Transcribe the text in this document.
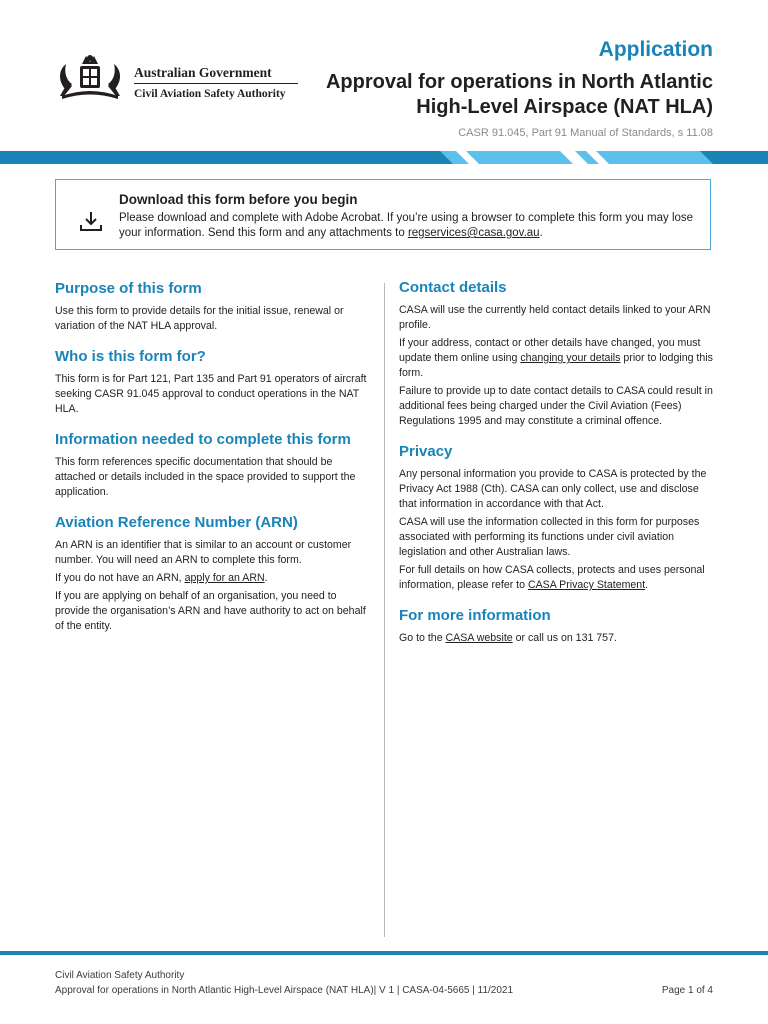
Australian Government
Civil Aviation Safety Authority
Application
Approval for operations in North Atlantic High-Level Airspace (NAT HLA)
CASR 91.045, Part 91 Manual of Standards, s 11.08
Download this form before you begin
Please download and complete with Adobe Acrobat. If you’re using a browser to complete this form you may lose your information. Send this form and any attachments to regservices@casa.gov.au.
Purpose of this form

Use this form to provide details for the initial issue, renewal or variation of the NAT HLA approval.

Who is this form for?

This form is for Part 121, Part 135 and Part 91 operators of aircraft seeking CASR 91.045 approval to conduct operations in the NAT HLA.

Information needed to complete this form

This form references specific documentation that should be attached or details included in the space provided to support the application.

Aviation Reference Number (ARN)

An ARN is an identifier that is similar to an account or customer number. You will need an ARN to complete this form.

If you do not have an ARN, apply for an ARN.

If you are applying on behalf of an organisation, you need to provide the organisation’s ARN and have authority to act on behalf of the entity.

Contact details

CASA will use the currently held contact details linked to your ARN profile.

If your address, contact or other details have changed, you must update them online using changing your details prior to lodging this form.

Failure to provide up to date contact details to CASA could result in additional fees being charged under the Civil Aviation (Fees) Regulations 1995 and may constitute a criminal offence.

Privacy

Any personal information you provide to CASA is protected by the Privacy Act 1988 (Cth). CASA can only collect, use and disclose that information in accordance with that Act.

CASA will use the information collected in this form for purposes associated with performing its functions under civil aviation legislation and other Australian laws.

For full details on how CASA collects, protects and uses personal information, please refer to CASA Privacy Statement.

For more information

Go to the CASA website or call us on 131 757.

Civil Aviation Safety Authority
Approval for operations in North Atlantic High-Level Airspace (NAT HLA)| V 1 | CASA-04-5665 | 11/2021	Page 1 of 4
